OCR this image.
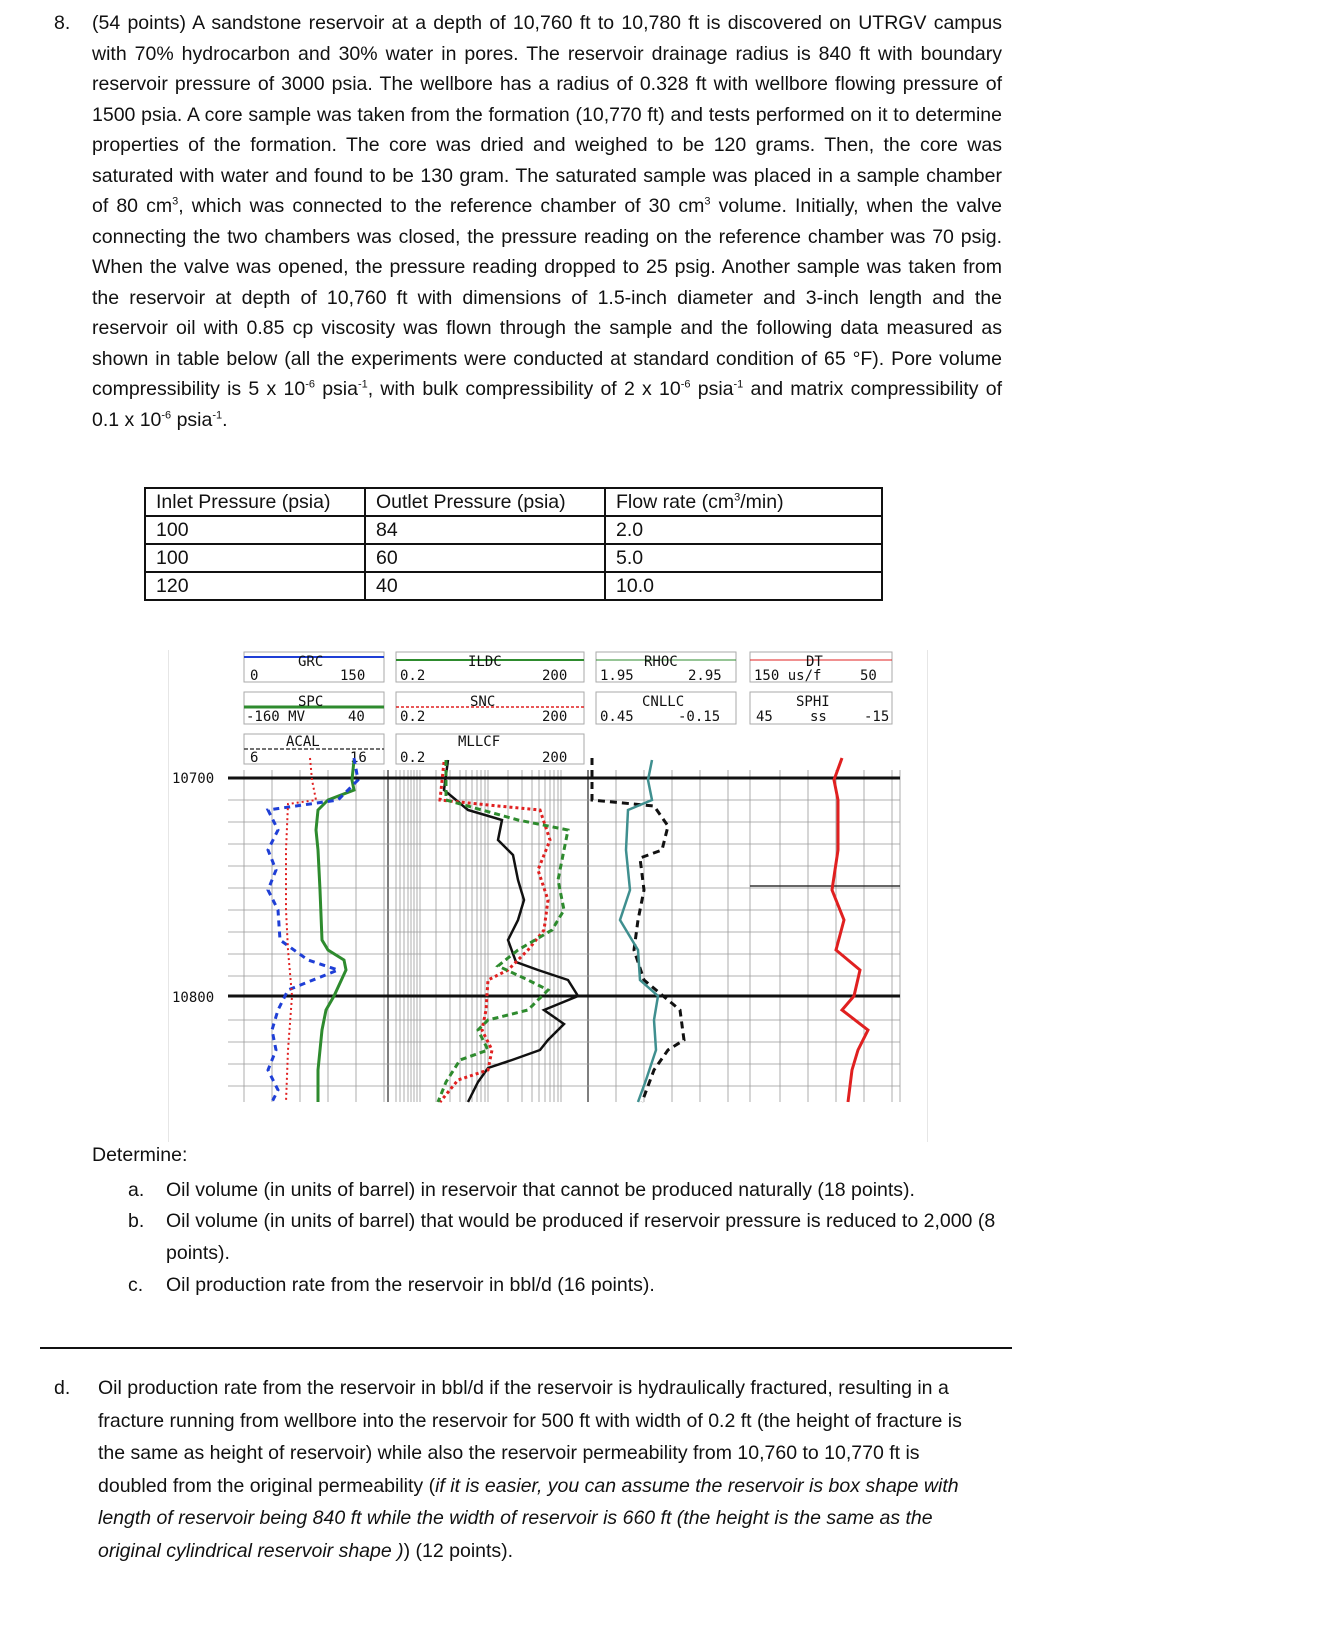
8. (54 points) A sandstone reservoir at a depth of 10,760 ft to 10,780 ft is discovered on UTRGV campus with 70% hydrocarbon and 30% water in pores. The reservoir drainage radius is 840 ft with boundary reservoir pressure of 3000 psia. The wellbore has a radius of 0.328 ft with wellbore flowing pressure of 1500 psia. A core sample was taken from the formation (10,770 ft) and tests performed on it to determine properties of the formation. The core was dried and weighed to be 120 grams. Then, the core was saturated with water and found to be 130 gram. The saturated sample was placed in a sample chamber of 80 $cm^3$, which was connected to the reference chamber of 30 $cm^3$ volume. Initially, when the valve connecting the two chambers was closed, the pressure reading on the reference chamber was 70 psig. When the valve was opened, the pressure reading dropped to 25 psig. Another sample was taken from the reservoir at depth of 10,760 ft with dimensions of 1.5-inch diameter and 3-inch length and the reservoir oil with 0.85 cp viscosity was flown through the sample and the following data measured as shown in table below (all the experiments were conducted at standard condition of 65 °F). Pore volume compressibility is 5 x $10^{-6}$ psia$^{-1}$, with bulk compressibility of 2 x $10^{-6}$ psia$^{-1}$ and matrix compressibility of 0.1 x $10^{-6}$ psia$^{-1}$.
Inlet Pressure (psia)	Outlet Pressure (psia)	Flow rate $(cm^3/\min)$
100	84	2.0
100	60	5.0
120	40	10.0
GRC
0	150
SPC
-160 MV	40
ACAL
6	16
ILDC
0.2	200
SNC
0.2	200
MLLCF
0.2	200
RHOC
1.95	2.95
CNLLC
0.45	-0.15
DT
150 us/f	50
SPHI
45	ss	-15
10700
10800
Determine:
a. Oil volume (in units of barrel) in reservoir that cannot be produced naturally (18 points).
b. Oil volume (in units of barrel) that would be produced if reservoir pressure is reduced to 2,000 (8 points).
c. Oil production rate from the reservoir in bbl/d (16 points).
d. Oil production rate from the reservoir in bbl/d if the reservoir is hydraulically fractured, resulting in a fracture running from wellbore into the reservoir for 500 ft with width of 0.2 ft (the height of fracture is the same as height of reservoir) while also the reservoir permeability from 10,760 to 10,770 ft is doubled from the original permeability (if it is easier, you can assume the reservoir is box shape with length of reservoir being 840 ft while the width of reservoir is 660 ft (the height is the same as the original cylindrical reservoir shape )) (12 points).
